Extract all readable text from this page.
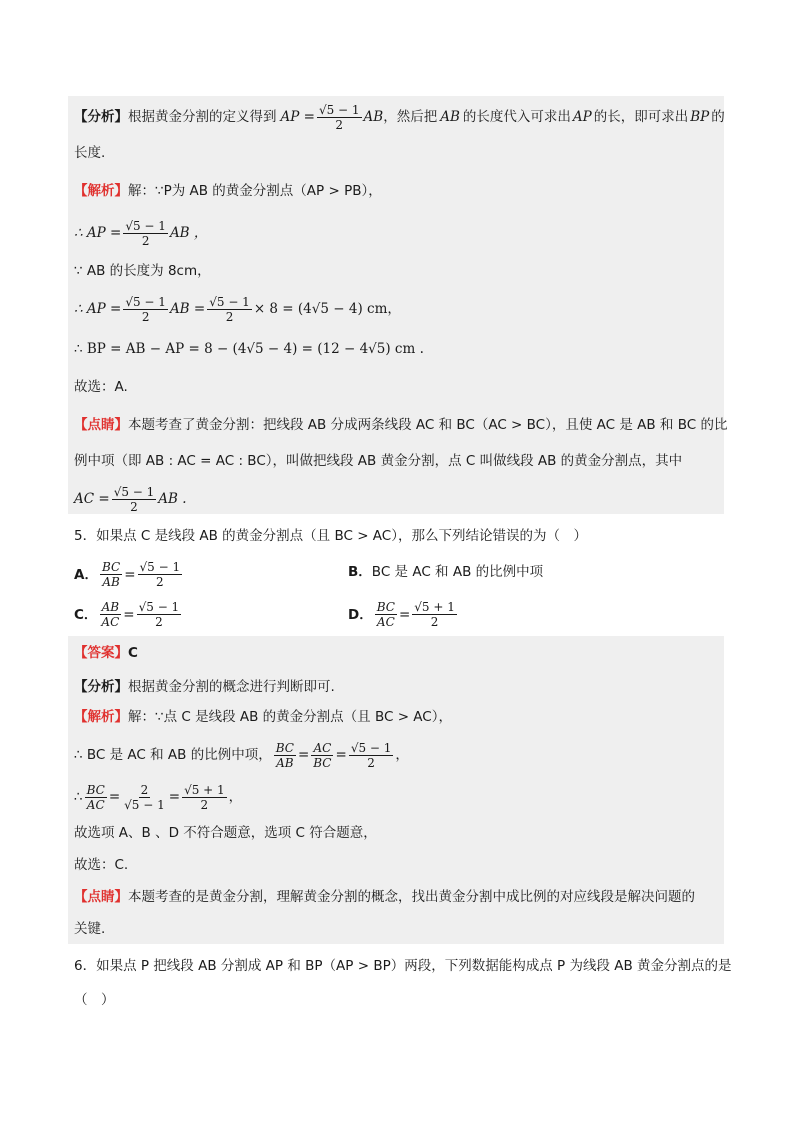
【分析】 根据黄金分割的定义得到 AP = $\frac{√5 - 1}{2}$ AB ，然后把 AB 的长度代入可求出 AP 的长，即可求出 BP 的
长度.
【解析】 解：∵P为 AB 的黄金分割点（AP > PB），
∴ AP = $\frac{√5 - 1}{2}$ AB ，
∵ AB 的长度为 8cm，
∴ AP = $\frac{√5 - 1}{2}$ AB = $\frac{√5 - 1}{2} \times 8 = (4√5 - 4)$ cm，
∴ BP = AB − AP = 8 − (4√5 − 4) = (12 − 4√5) cm .
故选：A.
【点睛】 本题考查了黄金分割：把线段 AB 分成两条线段 AC 和 BC（AC > BC），且使 AC 是 AB 和 BC 的比
例中项（即 AB : AC = AC : BC），叫做把线段 AB 黄金分割，点 C 叫做线段 AB 的黄金分割点，其中
AC = $\frac{√5 - 1}{2}$ AB .
5．如果点 C 是线段 AB 的黄金分割点（且 BC > AC），那么下列结论错误的为（　）
A． $\frac{BC}{AB} = \frac{√5 - 1}{2}$	B． BC 是 AC 和 AB 的比例中项
C． $\frac{AB}{AC} = \frac{√5 - 1}{2}$	D． $\frac{BC}{AC} = \frac{√5 + 1}{2}$
【答案】 C
【分析】 根据黄金分割的概念进行判断即可.
【解析】 解：∵点 C 是线段 AB 的黄金分割点（且 BC > AC），
∴ BC 是 AC 和 AB 的比例中项， $\frac{BC}{AB} = \frac{AC}{BC} = \frac{√5 - 1}{2}$ ，
∴ $\frac{BC}{AC} = \frac{2}{√5 - 1} = \frac{√5 + 1}{2}$ ，
故选项 A、B 、D 不符合题意，选项 C 符合题意，
故选：C.
【点睛】 本题考查的是黄金分割，理解黄金分割的概念，找出黄金分割中成比例的对应线段是解决问题的
关键.
6．如果点 P 把线段 AB 分割成 AP 和 BP（AP > BP）两段，下列数据能构成点 P 为线段 AB 黄金分割点的是
（　）
